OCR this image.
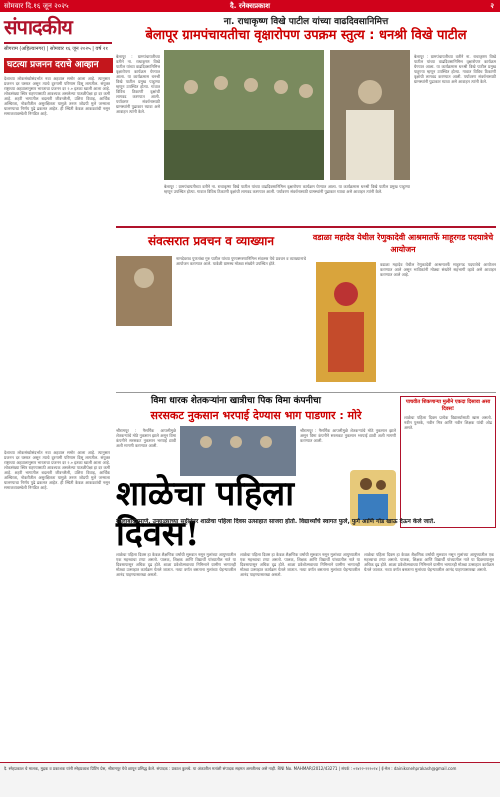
सोमवार दि.१६ जून २०२५	दै. रनेक्सप्रकाश	२
संपादकीय
सीगराम (अहिल्यानगर) | सोमवार १६ जून २०२५ | वर्ष २१
ना. राधाकृष्ण विखे पाटील यांच्या वाढदिवसानिमित्त
बेलापूर ग्रामपंचायतीचा वृक्षारोपण उपक्रम स्तुत्य : धनश्री विखे पाटील
घटत्या प्रजनन दराचे आव्हान
देशाच्या लोकसंख्येसंदर्भात नवा अहवाल समोर आला आहे. त्यानुसार प्रजनन दर घसरत असून त्याचे दूरगामी परिणाम दिसू लागतील. संयुक्त राष्ट्राच्या अहवालानुसार भारताचा प्रजनन दर २.० इतका खाली आला आहे. लोकसंख्या स्थिर राहण्यासाठी आवश्यक असलेल्या पातळीपेक्षा हा दर कमी आहे. शहरी भागातील बदलती जीवनशैली, उशिरा विवाह, आर्थिक अस्थिरता, नोकरीतील असुरक्षितता यामुळे तरुण जोडपी मुले जन्माला घालण्याचा निर्णय पुढे ढकलत आहेत. ही स्थिती केवळ आकड्यांची नसून समाजव्यवस्थेशी निगडित आहे.
बेलापूर : ग्रामपंचायतीच्या वतीने ना. राधाकृष्ण विखे पाटील यांच्या वाढदिवसानिमित्त वृक्षारोपण कार्यक्रम घेण्यात आला. या कार्यक्रमास धनश्री विखे पाटील प्रमुख पाहुण्या म्हणून उपस्थित होत्या. गावात विविध ठिकाणी वृक्षांची लागवड करण्यात आली. पर्यावरण संवर्धनासाठी ग्रामस्थांनी पुढाकार घ्यावा असे आवाहन त्यांनी केले.
बेलापूर : ग्रामपंचायतीच्या वतीने ना. राधाकृष्ण विखे पाटील यांच्या वाढदिवसानिमित्त वृक्षारोपण कार्यक्रम घेण्यात आला. या कार्यक्रमास धनश्री विखे पाटील प्रमुख पाहुण्या म्हणून उपस्थित होत्या. गावात विविध ठिकाणी वृक्षांची लागवड करण्यात आली. पर्यावरण संवर्धनासाठी ग्रामस्थांनी पुढाकार घ्यावा असे आवाहन त्यांनी केले.
बेलापूर : ग्रामपंचायतीच्या वतीने ना. राधाकृष्ण विखे पाटील यांच्या वाढदिवसानिमित्त वृक्षारोपण कार्यक्रम घेण्यात आला. या कार्यक्रमास धनश्री विखे पाटील प्रमुख पाहुण्या म्हणून उपस्थित होत्या. गावात विविध ठिकाणी वृक्षांची लागवड करण्यात आली. पर्यावरण संवर्धनासाठी ग्रामस्थांनी पुढाकार घ्यावा असे आवाहन त्यांनी केले.
संवत्सरात प्रवचन व व्याख्यान
नामदेवराव पुणतांबा गुरु पाटील यांच्या पुण्यस्मरणानिमित्त संवत्सर येथे प्रवचन व व्याख्यानाचे आयोजन करण्यात आले. यावेळी ग्रामस्थ मोठ्या संख्येने उपस्थित होते.
वडाळा महादेव येथील रेणुकादेवी आश्रमातर्फे माहूरगड पदयात्रेचे आयोजन
वडाळा महादेव येथील रेणुकादेवी आश्रमातर्फे माहूरगड पदयात्रेचे आयोजन करण्यात आले असून भाविकांनी मोठ्या संख्येने सहभागी व्हावे असे आवाहन करण्यात आले आहे.
विमा धारक शेतकऱ्यांना खात्रीचा पिक विमा कंपनीचा
सरसकट नुकसान भरपाई देण्यास भाग पाडणार : मोरे
श्रीरामपूर : नैसर्गिक आपत्तीमुळे शेतकऱ्यांचे मोठे नुकसान झाले असून विमा कंपनीने सरसकट नुकसान भरपाई द्यावी अशी मागणी करण्यात आली.
श्रीरामपूर : नैसर्गिक आपत्तीमुळे शेतकऱ्यांचे मोठे नुकसान झाले असून विमा कंपनीने सरसकट नुकसान भरपाई द्यावी अशी मागणी करण्यात आली.
पाचवीत शिकणाऱ्या मुलीने एकदा दिसावा असा दिवस!
शाळेचा पहिला दिवस प्रत्येक विद्यार्थ्यासाठी खास असतो. नवीन पुस्तके, नवीन मित्र आणि नवीन शिक्षक यांची ओढ असते.
देशाच्या लोकसंख्येसंदर्भात नवा अहवाल समोर आला आहे. त्यानुसार प्रजनन दर घसरत असून त्याचे दूरगामी परिणाम दिसू लागतील. संयुक्त राष्ट्राच्या अहवालानुसार भारताचा प्रजनन दर २.० इतका खाली आला आहे. लोकसंख्या स्थिर राहण्यासाठी आवश्यक असलेल्या पातळीपेक्षा हा दर कमी आहे. शहरी भागातील बदलती जीवनशैली, उशिरा विवाह, आर्थिक अस्थिरता, नोकरीतील असुरक्षितता यामुळे तरुण जोडपी मुले जन्माला घालण्याचा निर्णय पुढे ढकलत आहेत. ही स्थिती केवळ आकड्यांची नसून समाजव्यवस्थेशी निगडित आहे.	शाळेचा पहिला दिवस!
सालाबादप्रमाणे, उन्हाळ्याच्या सुट्टीनंतर शाळेचा पहिला दिवस उत्साहात साजरा होतो. विद्यार्थ्यांचे स्वागत फुले, फुगे आणि गोड खाऊ देऊन केले जाते.
शाळेचा पहिला दिवस हा केवळ शैक्षणिक वर्षाची सुरुवात नसून मुलांच्या आयुष्यातील एक महत्त्वाचा टप्पा असतो. पालक, शिक्षक आणि विद्यार्थी यांच्यातील नाते या दिवसापासून अधिक दृढ होते. शाळा प्रवेशोत्सवाच्या निमित्ताने ग्रामीण भागातही मोठ्या उत्साहात कार्यक्रम घेतले जातात. नव्या वर्गात बसताना मुलांच्या चेहऱ्यावरील आनंद पाहण्यासारखा असतो.
शाळेचा पहिला दिवस हा केवळ शैक्षणिक वर्षाची सुरुवात नसून मुलांच्या आयुष्यातील एक महत्त्वाचा टप्पा असतो. पालक, शिक्षक आणि विद्यार्थी यांच्यातील नाते या दिवसापासून अधिक दृढ होते. शाळा प्रवेशोत्सवाच्या निमित्ताने ग्रामीण भागातही मोठ्या उत्साहात कार्यक्रम घेतले जातात. नव्या वर्गात बसताना मुलांच्या चेहऱ्यावरील आनंद पाहण्यासारखा असतो.
शाळेचा पहिला दिवस हा केवळ शैक्षणिक वर्षाची सुरुवात नसून मुलांच्या आयुष्यातील एक महत्त्वाचा टप्पा असतो. पालक, शिक्षक आणि विद्यार्थी यांच्यातील नाते या दिवसापासून अधिक दृढ होते. शाळा प्रवेशोत्सवाच्या निमित्ताने ग्रामीण भागातही मोठ्या उत्साहात कार्यक्रम घेतले जातात. नव्या वर्गात बसताना मुलांच्या चेहऱ्यावरील आनंद पाहण्यासारखा असतो.
दै. स्नेहप्रकाश चे मालक, मुद्रक व प्रकाशक यांनी स्नेहप्रकाश प्रिंटिंग प्रेस, श्रीरामपूर येथे छापून प्रसिद्ध केले. संपादक : प्रकाश कुलथे. या अंकातील मतांशी संपादक सहमत असतीलच असे नाही. RNI No. MAHMAR/2012/43271 | संपर्क : ०२४२२-२२२०२४ | ई-मेल : dainiksnehprakash@gmail.com
